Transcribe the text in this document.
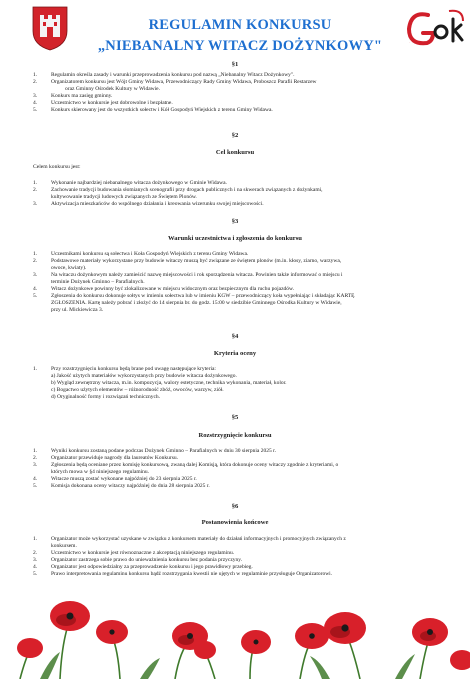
REGULAMIN KONKURSU
„NIEBANALNY WITACZ DOŻYNKOWY"	G
o
k

§1

1.	Regulamin określa zasady i warunki przeprowadzenia konkursu pod nazwą „Niebanalny Witacz Dożynkowy".
2.	Organizatorem konkursu jest Wójt Gminy Widawa, Przewodniczący Rady Gminy Widawa, Proboszcz Parafii Restarzew
oraz Gminny Ośrodek Kultury w Widawie.
3.	Konkurs ma zasięg gminny.
4.	Uczestnictwo w konkursie jest dobrowolne i bezpłatne.
5.	Konkurs skierowany jest do wszystkich sołectw i Kół Gospodyń Wiejskich z terenu Gminy Widawa.

§2

Cel konkursu

Celem konkursu jest:

1.	Wykonanie najbardziej niebanalnego witacza dożynkowego w Gminie Widawa.
2.	Zachowanie tradycji budowania słomianych scenografii przy drogach publicznych i na skwerach związanych z dożynkami,
kultywowanie tradycji ludowych związanych ze Świętem Plonów.
3.	Aktywizacja mieszkańców do wspólnego działania i kreowania wizerunku swojej miejscowości.

§3

Warunki uczestnictwa i zgłoszenia do konkursu

1.	Uczestnikami konkursu są sołectwa i Koła Gospodyń Wiejskich z terenu Gminy Widawa.
2.	Podstawowe materiały wykorzystane przy budowie witaczy muszą być związane ze świętem plonów (m.in. kłosy, ziarno, warzywa,
owoce, kwiaty).
3.	Na witaczu dożynkowym należy zamieścić nazwę miejscowości i rok sporządzenia witacza. Powinien także informować o miejscu i
terminie Dożynek Gminno – Parafialnych.
4.	Witacz dożynkowe powinny być zlokalizowane w miejscu widocznym oraz bezpiecznym dla ruchu pojazdów.
5.	Zgłoszenia do konkursu dokonuje sołtys w imieniu sołectwa lub w imieniu KGW – przewodniczący koła wypełniając i składając KARTĘ
ZGŁOSZENIA. Kartę należy pobrać i złożyć do 14 sierpnia br. do godz. 15:00 w siedzibie Gminnego Ośrodka Kultury w Widawie,
przy ul. Mickiewicza 3.

§4

Kryteria oceny

1.	Przy rozstrzygnięciu konkursu będą brane pod uwagę następujące kryteria:
a) Jakość użytych materiałów wykorzystanych przy budowie witacza dożynkowego.
b) Wygląd zewnętrzny witacza, m.in. kompozycja, walory estetyczne, technika wykonania, materiał, kolor.
c) Bogactwo użytych elementów – różnorodność zbóż, owoców, warzyw, ziół.
d) Oryginalność formy i rozwiązań technicznych.

§5

Rozstrzygnięcie konkursu

1.	Wyniki konkursu zostaną podane podczas Dożynek Gminno – Parafialnych w dniu 30 sierpnia 2025 r.
2.	Organizator przewiduje nagrody dla laureatów Konkursu.
3.	Zgłoszenia będą oceniane przez komisję konkursową, zwaną dalej Komisją, która dokonuje oceny witaczy zgodnie z kryteriami, o
których mowa w §4 niniejszego regulaminu.
4.	Witacze muszą zostać wykonane najpóźniej do 23 sierpnia 2025 r.
5.	Komisja dokonana oceny witaczy najpóźniej do dnia 28 sierpnia 2025 r.

§6

Postanowienia końcowe

1.	Organizator może wykorzystać uzyskane w związku z konkursem materiały do działań informacyjnych i promocyjnych związanych z
konkursem.
2.	Uczestnictwo w konkursie jest równoznaczne z akceptacją niniejszego regulaminu.
3.	Organizator zastrzega sobie prawo do unieważnienia konkursu bez podania przyczyny.
4.	Organizator jest odpowiedzialny za przeprowadzenie konkursu i jego prawidłowy przebieg.
5.	Prawo interpretowania regulaminu konkursu bądź rozstrzygania kwestii nie ujętych w regulaminie przysługuje Organizatorowi.
